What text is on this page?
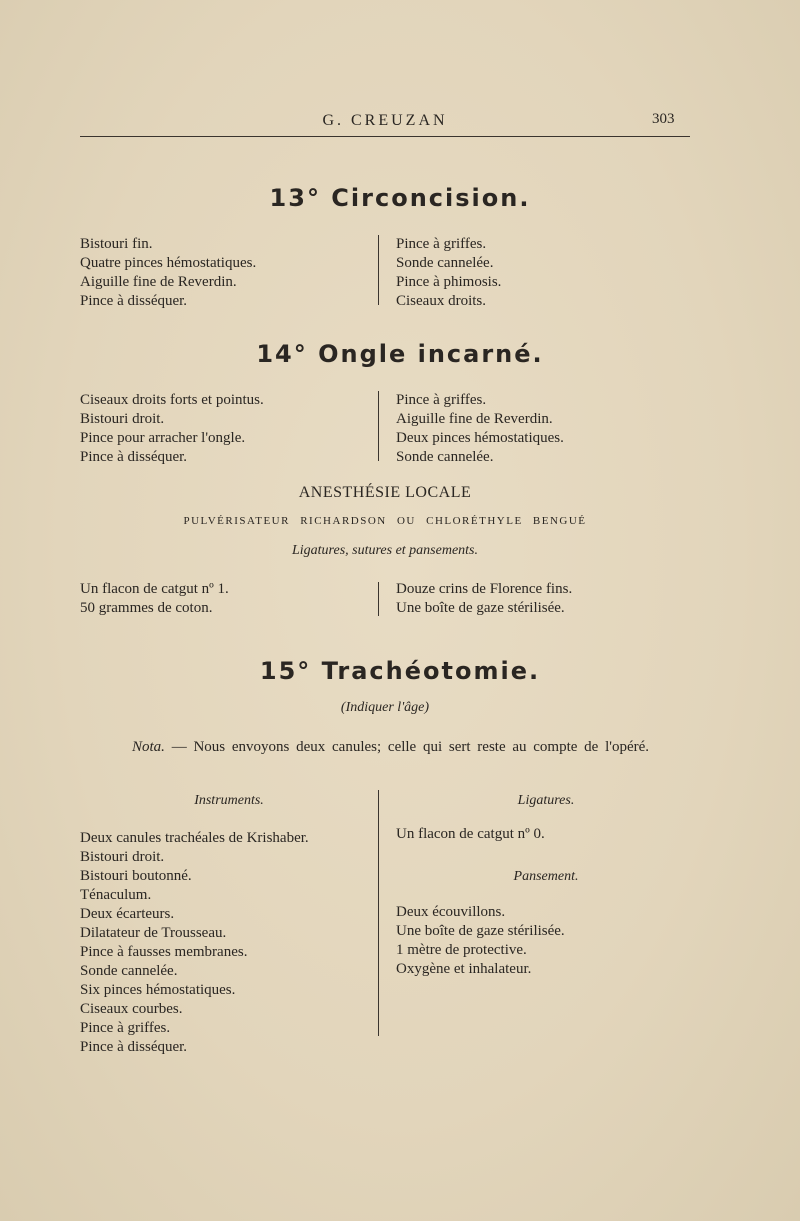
G. CREUZAN	303
13° Circoncision.
Bistouri fin.
Quatre pinces hémostatiques.
Aiguille fine de Reverdin.
Pince à disséquer.
Pince à griffes.
Sonde cannelée.
Pince à phimosis.
Ciseaux droits.
14° Ongle incarné.
Ciseaux droits forts et pointus.
Bistouri droit.
Pince pour arracher l'ongle.
Pince à disséquer.
Pince à griffes.
Aiguille fine de Reverdin.
Deux pinces hémostatiques.
Sonde cannelée.
ANESTHÉSIE LOCALE
PULVÉRISATEUR RICHARDSON OU CHLORÉTHYLE BENGUÉ
Ligatures, sutures et pansements.
Un flacon de catgut nº 1.
50 grammes de coton.
Douze crins de Florence fins.
Une boîte de gaze stérilisée.
15° Trachéotomie.
(Indiquer l'âge)
Nota. — Nous envoyons deux canules; celle qui sert reste au compte de l'opéré.
Instruments.
Deux canules trachéales de Krishaber.
Bistouri droit.
Bistouri boutonné.
Ténaculum.
Deux écarteurs.
Dilatateur de Trousseau.
Pince à fausses membranes.
Sonde cannelée.
Six pinces hémostatiques.
Ciseaux courbes.
Pince à griffes.
Pince à disséquer.
Ligatures.
Un flacon de catgut nº 0.
Pansement.
Deux écouvillons.
Une boîte de gaze stérilisée.
1 mètre de protective.
Oxygène et inhalateur.
